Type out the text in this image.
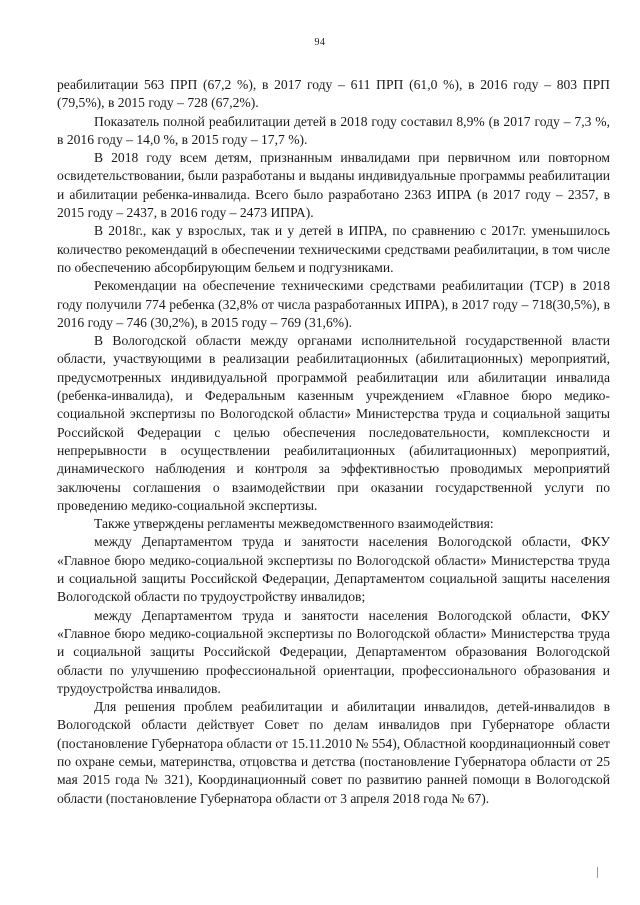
94

реабилитации 563 ПРП (67,2 %), в 2017 году – 611 ПРП (61,0 %), в 2016 году – 803 ПРП (79,5%), в 2015 году – 728 (67,2%).

Показатель полной реабилитации детей в 2018 году составил 8,9% (в 2017 году – 7,3 %, в 2016 году – 14,0 %, в 2015 году – 17,7 %).

В 2018 году всем детям, признанным инвалидами при первичном или повторном освидетельствовании, были разработаны и выданы индивидуальные программы реабилитации и абилитации ребенка-инвалида. Всего было разработано 2363 ИПРА (в 2017 году – 2357, в 2015 году – 2437, в 2016 году – 2473 ИПРА).

В 2018г., как у взрослых, так и у детей в ИПРА, по сравнению с 2017г. уменьшилось количество рекомендаций в обеспечении техническими средствами реабилитации, в том числе по обеспечению абсорбирующим бельем и подгузниками.

Рекомендации на обеспечение техническими средствами реабилитации (ТСР) в 2018 году получили 774 ребенка (32,8% от числа разработанных ИПРА), в 2017 году – 718(30,5%), в 2016 году – 746 (30,2%), в 2015 году – 769 (31,6%).

В Вологодской области между органами исполнительной государственной власти области, участвующими в реализации реабилитационных (абилитационных) мероприятий, предусмотренных индивидуальной программой реабилитации или абилитации инвалида (ребенка-инвалида), и Федеральным казенным учреждением «Главное бюро медико-социальной экспертизы по Вологодской области» Министерства труда и социальной защиты Российской Федерации с целью обеспечения последовательности, комплексности и непрерывности в осуществлении реабилитационных (абилитационных) мероприятий, динамического наблюдения и контроля за эффективностью проводимых мероприятий заключены соглашения о взаимодействии при оказании государственной услуги по проведению медико-социальной экспертизы.

Также утверждены регламенты межведомственного взаимодействия:

между Департаментом труда и занятости населения Вологодской области, ФКУ «Главное бюро медико-социальной экспертизы по Вологодской области» Министерства труда и социальной защиты Российской Федерации, Департаментом социальной защиты населения Вологодской области по трудоустройству инвалидов;

между Департаментом труда и занятости населения Вологодской области, ФКУ «Главное бюро медико-социальной экспертизы по Вологодской области» Министерства труда и социальной защиты Российской Федерации, Департаментом образования Вологодской области по улучшению профессиональной ориентации, профессионального образования и трудоустройства инвалидов.

Для решения проблем реабилитации и абилитации инвалидов, детей-инвалидов в Вологодской области действует Совет по делам инвалидов при Губернаторе области (постановление Губернатора области от 15.11.2010 № 554), Областной координационный совет по охране семьи, материнства, отцовства и детства (постановление Губернатора области от 25 мая 2015 года № 321), Координационный совет по развитию ранней помощи в Вологодской области (постановление Губернатора области от 3 апреля 2018 года № 67).
